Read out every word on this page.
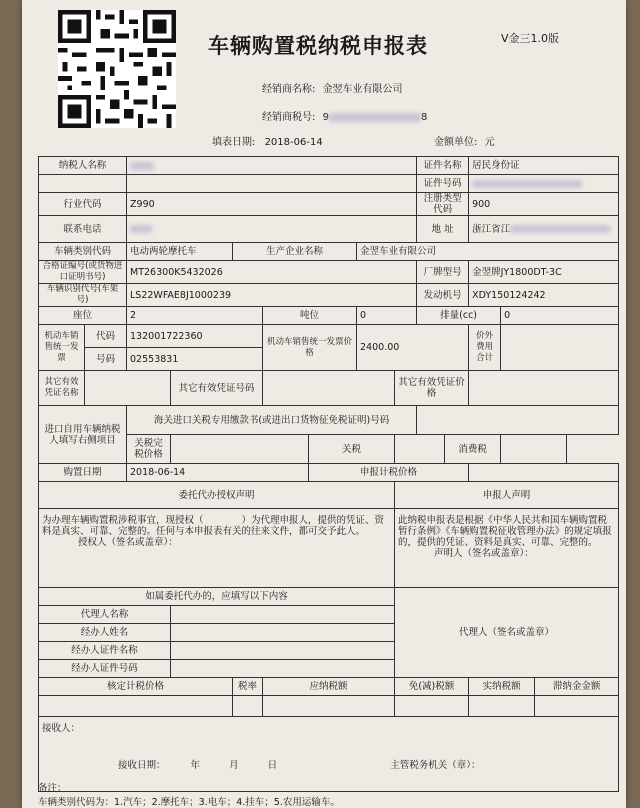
车辆购置税纳税申报表	V金三1.0版
经销商名称: 金翌车业有限公司
经销商税号: 9	8
填表日期: 2018-06-14	金额单位: 元
纳税人名称									证件名称		居民身份证		
									证件号码				
行业代码		Z990							注册类型代码		900		
联系电话									地 址		浙江省江		
车辆类别代码		电动两轮摩托车		生产企业名称			金翌车业有限公司						
合格证编号(或货物进口证明书号)		MT26300K5432026							厂牌型号		金翌牌JY1800DT-3C		
车辆识别代号(车架号)		LS22WFAE8J1000239							发动机号		XDY150124242		
座位		2			吨位		0		排量(cc)			0	
机动车销售统一发票	代码	132001722360			机动车销售统一发票价格		2400.00				价外费用合计		
	号码	02553831											
其它有效凭证名称			其它有效凭证号码					其它有效凭证价格					
进口自用车辆纳税人填写右侧项目		海关进口关税专用缴款书(或进出口货物征免税证明)号码											
		关税完税价格				关税				消费税			
购置日期		2018-06-14				申报计税价格							
委托代办授权声明								申报人声明					
为办理车辆购置税涉税事宜，现授权（　　　　）为代理申报人，提供的凭证、资料是真实、可靠、完整的。任何与本申报表有关的往来文件，都可交予此人。
授权人（签名或盖章）：								此纳税申报表是根据《中华人民共和国车辆购置税暂行条例》《车辆购置税征收管理办法》的规定填报的，提供的凭证、资料是真实、可靠、完整的。
声明人（签名或盖章）：					
如属委托代办的，应填写以下内容								代理人（签名或盖章）					
代理人名称													
经办人姓名													
经办人证件名称													
经办人证件号码													
核定计税价格				税率	应纳税额			免(减)税额			实纳税额		滞纳金金额

接收人：
接收日期： 年 月 日 主管税务机关（章）：													
备注：
车辆类别代码为：1.汽车；2.摩托车；3.电车；4.挂车；5.农用运输车。
